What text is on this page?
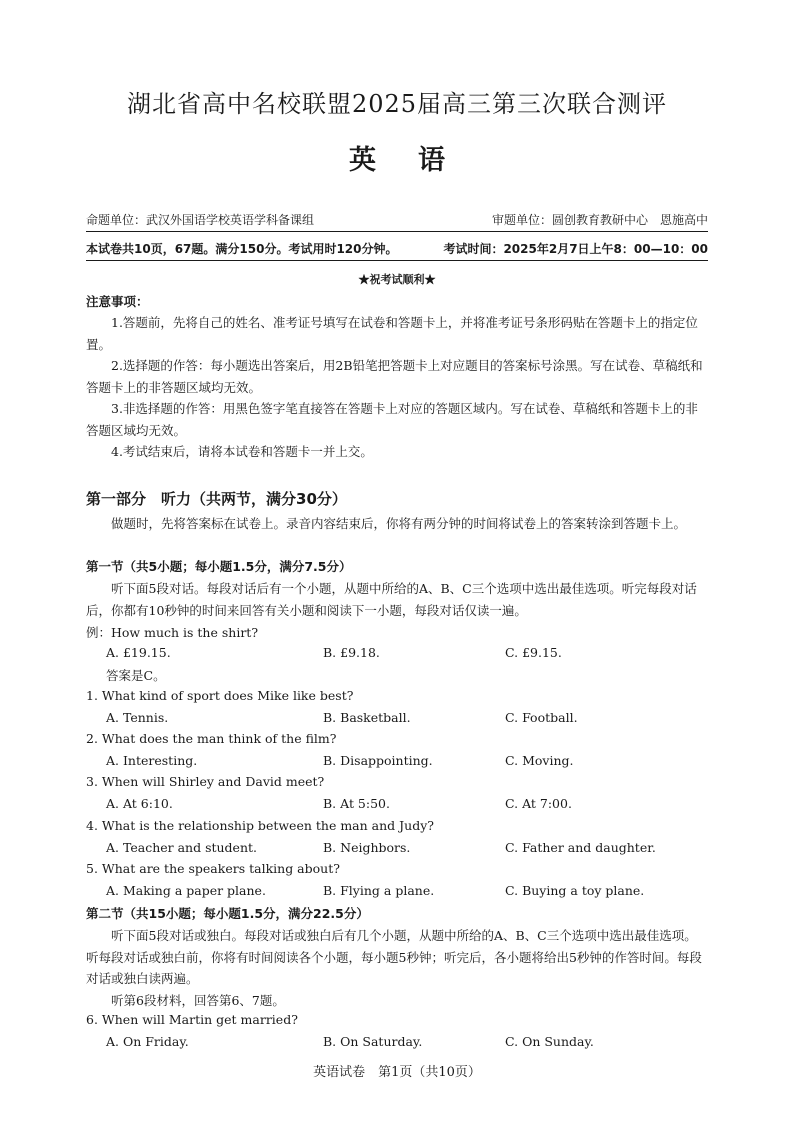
湖北省高中名校联盟2025届高三第三次联合测评
英语
命题单位：武汉外国语学校英语学科备课组	审题单位：圆创教育教研中心　恩施高中
本试卷共10页，67题。满分150分。考试用时120分钟。	考试时间：2025年2月7日上午8：00—10：00
★祝考试顺利★
注意事项：
1.答题前，先将自己的姓名、准考证号填写在试卷和答题卡上，并将准考证号条形码贴在答题卡上的指定位置。
2.选择题的作答：每小题选出答案后，用2B铅笔把答题卡上对应题目的答案标号涂黑。写在试卷、草稿纸和答题卡上的非答题区域均无效。
3.非选择题的作答：用黑色签字笔直接答在答题卡上对应的答题区域内。写在试卷、草稿纸和答题卡上的非答题区域均无效。
4.考试结束后，请将本试卷和答题卡一并上交。
第一部分　听力（共两节，满分30分）
做题时，先将答案标在试卷上。录音内容结束后，你将有两分钟的时间将试卷上的答案转涂到答题卡上。
第一节（共5小题；每小题1.5分，满分7.5分）
听下面5段对话。每段对话后有一个小题，从题中所给的A、B、C三个选项中选出最佳选项。听完每段对话后，你都有10秒钟的时间来回答有关小题和阅读下一小题，每段对话仅读一遍。
例：How much is the shirt?
A. £19.15.	B. £9.18.	C. £9.15.
答案是C。
1. What kind of sport does Mike like best?
A. Tennis.	B. Basketball.	C. Football.
2. What does the man think of the film?
A. Interesting.	B. Disappointing.	C. Moving.
3. When will Shirley and David meet?
A. At 6:10.	B. At 5:50.	C. At 7:00.
4. What is the relationship between the man and Judy?
A. Teacher and student.	B. Neighbors.	C. Father and daughter.
5. What are the speakers talking about?
A. Making a paper plane.	B. Flying a plane.	C. Buying a toy plane.
第二节（共15小题；每小题1.5分，满分22.5分）
听下面5段对话或独白。每段对话或独白后有几个小题，从题中所给的A、B、C三个选项中选出最佳选项。听每段对话或独白前，你将有时间阅读各个小题，每小题5秒钟；听完后，各小题将给出5秒钟的作答时间。每段对话或独白读两遍。
听第6段材料，回答第6、7题。
6. When will Martin get married?
A. On Friday.	B. On Saturday.	C. On Sunday.
英语试卷　第1页（共10页）
